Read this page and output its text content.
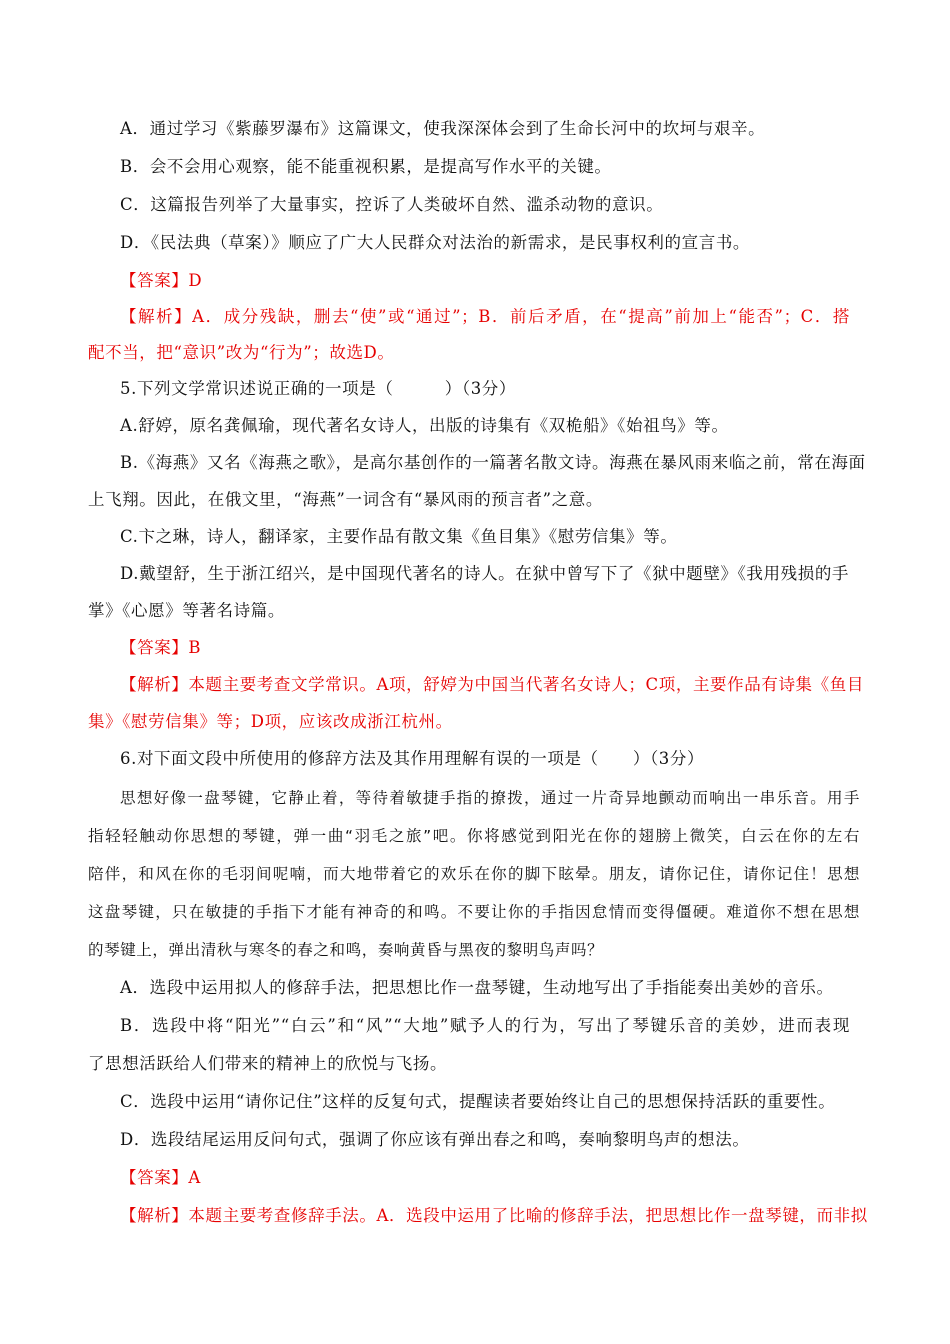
A．通过学习《紫藤罗瀑布》这篇课文，使我深深体会到了生命长河中的坎坷与艰辛。
B．会不会用心观察，能不能重视积累，是提高写作水平的关键。
C．这篇报告列举了大量事实，控诉了人类破坏自然、滥杀动物的意识。
D．《民法典（草案）》顺应了广大人民群众对法治的新需求，是民事权利的宣言书。
【答案】D
【解析】A．成分残缺，删去“使”或“通过”；B．前后矛盾，在“提高”前加上“能否”；C．搭
配不当，把“意识”改为“行为”；故选D。
5.下列文学常识述说正确的一项是（　　　）（3分）
A.舒婷，原名龚佩瑜，现代著名女诗人，出版的诗集有《双桅船》《始祖鸟》等。
B.《海燕》又名《海燕之歌》，是高尔基创作的一篇著名散文诗。海燕在暴风雨来临之前，常在海面
上飞翔。因此，在俄文里，“海燕”一词含有“暴风雨的预言者”之意。
C.卞之琳，诗人，翻译家，主要作品有散文集《鱼目集》《慰劳信集》等。
D.戴望舒，生于浙江绍兴，是中国现代著名的诗人。在狱中曾写下了《狱中题壁》《我用残损的手
掌》《心愿》等著名诗篇。
【答案】B
【解析】本题主要考查文学常识。A项，舒婷为中国当代著名女诗人；C项，主要作品有诗集《鱼目
集》《慰劳信集》等；D项，应该改成浙江杭州。
6.对下面文段中所使用的修辞方法及其作用理解有误的一项是（　　）（3分）
思想好像一盘琴键，它静止着，等待着敏捷手指的撩拨，通过一片奇异地颤动而响出一串乐音。用手
指轻轻触动你思想的琴键，弹一曲“羽毛之旅”吧。你将感觉到阳光在你的翅膀上微笑，白云在你的左右
陪伴，和风在你的毛羽间呢喃，而大地带着它的欢乐在你的脚下眩晕。朋友，请你记住，请你记住！思想
这盘琴键，只在敏捷的手指下才能有神奇的和鸣。不要让你的手指因怠情而变得僵硬。难道你不想在思想
的琴键上，弹出清秋与寒冬的春之和鸣，奏响黄昏与黑夜的黎明鸟声吗？
A．选段中运用拟人的修辞手法，把思想比作一盘琴键，生动地写出了手指能奏出美妙的音乐。
B．选段中将“阳光”“白云”和“风”“大地”赋予人的行为，写出了琴键乐音的美妙，进而表现
了思想活跃给人们带来的精神上的欣悦与飞扬。
C．选段中运用“请你记住”这样的反复句式，提醒读者要始终让自己的思想保持活跃的重要性。
D．选段结尾运用反问句式，强调了你应该有弹出春之和鸣，奏响黎明鸟声的想法。
【答案】A
【解析】本题主要考查修辞手法。A．选段中运用了比喻的修辞手法，把思想比作一盘琴键，而非拟
